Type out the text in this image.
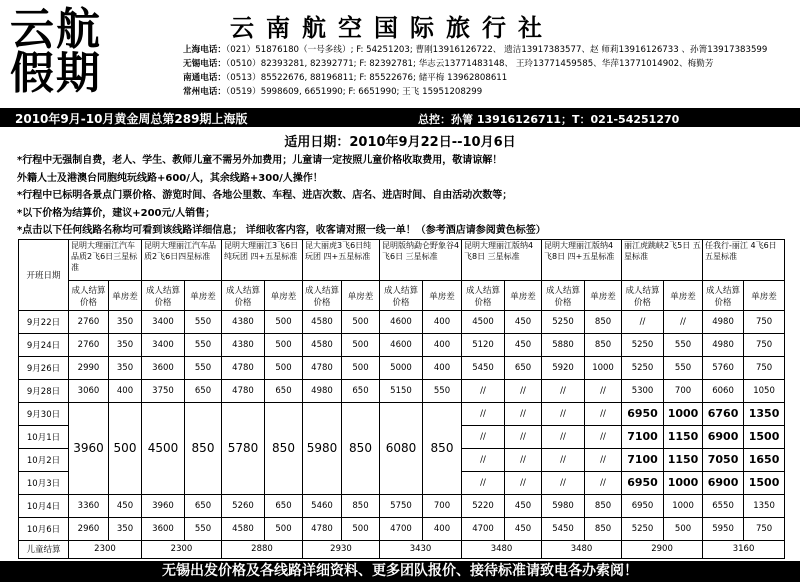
云航
假期
云南航空国际旅行社
上海电话：（021）51876180（一号多线）; F: 54251203; 曹刚13916126722、 遗洁13917383577、赵 师莉13916126733 、孙箐13917383599
无锡电话：（0510）82393281, 82392771; F: 82392781; 华志云13771483148、 王玲13771459585、华萍13771014902、梅勤芳
南通电话：（0513）85522676, 88196811; F: 85522676; 储平梅 13962808611
常州电话：（0519）5998609, 6651990; F: 6651990; 王飞 15951208299
2010年9月-10月黄金周总第289期上海版	总控：孙箐 13916126711；T：021-54251270
适用日期：2010年9月22日--10月6日
*行程中无强制自费，老人、学生、教师儿童不需另外加费用；儿童请一定按照儿童价格收取费用，敬请谅解！
外籍人士及港澳台同胞纯玩线路+600/人，其余线路+300/人操作！
*行程中已标明各景点门票价格、游览时间、各地公里数、车程、进店次数、店名、进店时间、自由活动次数等；
*以下价格为结算价，建议+200元/人销售；
*点击以下任何线路名称均可看到该线路详细信息； 详细收客内容，收客请对照一线一单！（参考酒店请参阅黄色标签）
开班日期	昆明大理丽江汽车品质2飞6日三星标准		昆明大理丽江汽车品质2飞6日四星标准		昆明大理丽江3飞6日纯玩团 四+五星标准		昆大丽虎3飞6日纯玩团 四+五星标准		昆明版纳勐仑野象谷4飞6日 三星标准		昆明大理丽江版纳4飞8日 三星标准		昆明大理丽江版纳4飞8日 四+五星标准		丽江虎跳峡2飞5日 五星标准		任我行-丽江 4飞6日五星标准	
	成人结算价格	单房差	成人结算价格	单房差	成人结算价格	单房差	成人结算价格	单房差	成人结算价格	单房差	成人结算价格	单房差	成人结算价格	单房差	成人结算价格	单房差	成人结算价格	单房差
9月22日	2760	350	3400	550	4380	500	4580	500	4600	400	4500	450	5250	850	//	//	4980	750
9月24日	2760	350	3400	550	4380	500	4580	500	4600	400	5120	450	5880	850	5250	550	4980	750
9月26日	2990	350	3600	550	4780	500	4780	500	5000	400	5450	650	5920	1000	5250	550	5760	750
9月28日	3060	400	3750	650	4780	650	4980	650	5150	550	//	//	//	//	5300	700	6060	1050
9月30日	3960	500	4500	850	5780	850	5980	850	6080	850	//	//	//	//	6950	1000	6760	1350
10月1日											//	//	//	//	7100	1150	6900	1500
10月2日											//	//	//	//	7100	1150	7050	1650
10月3日											//	//	//	//	6950	1000	6900	1500
10月4日	3360	450	3960	650	5260	650	5460	850	5750	700	5220	450	5980	850	6950	1000	6550	1350
10月6日	2960	350	3600	550	4580	500	4780	500	4700	400	4700	450	5450	850	5250	500	5950	750
儿童结算	2300		2300		2880		2930		3430		3480		3480		2900		3160	
无锡出发价格及各线路详细资料、更多团队报价、接待标准请致电各办索阅！
